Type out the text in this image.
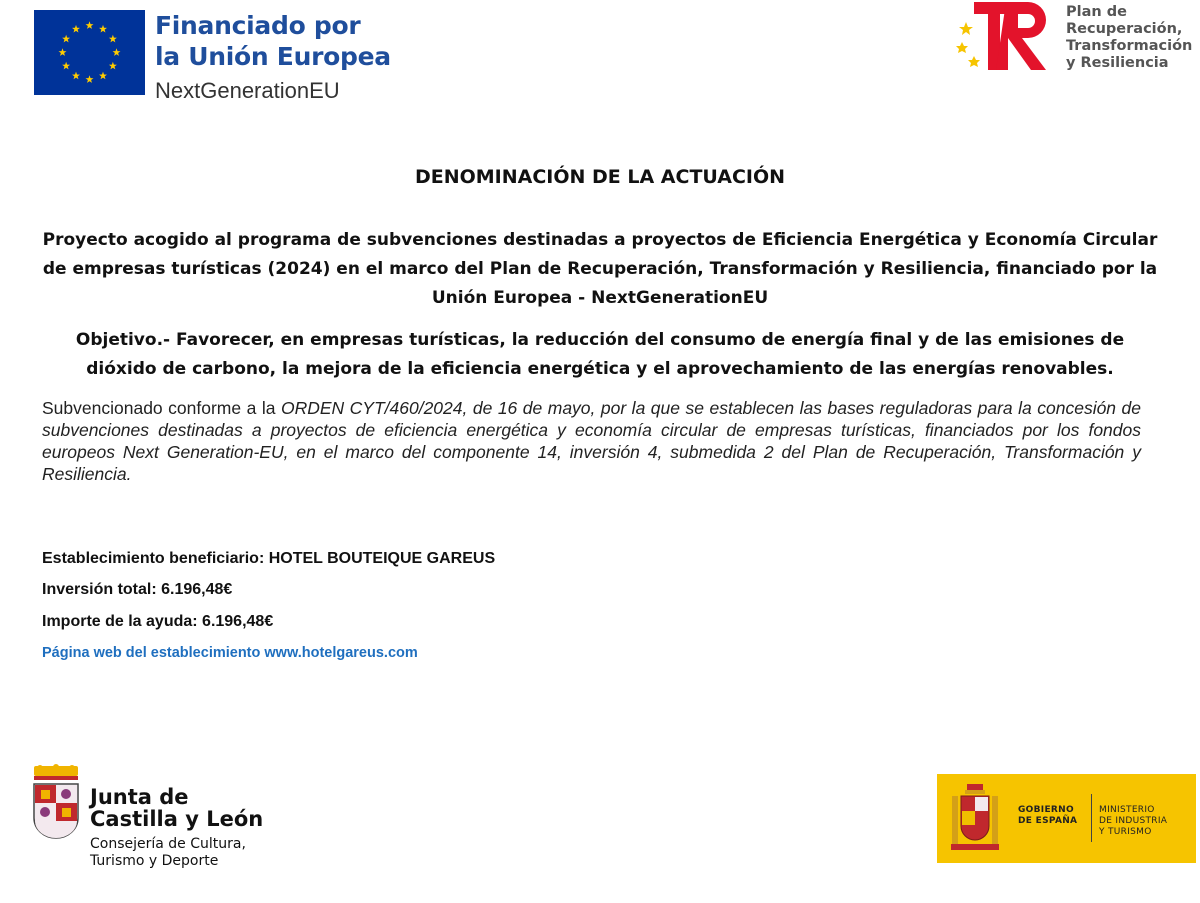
Financiado por
la Unión Europea
NextGenerationEU
Plan de
Recuperación,
Transformación
y Resiliencia
DENOMINACIÓN DE LA ACTUACIÓN
Proyecto acogido al programa de subvenciones destinadas a proyectos de Eficiencia Energética y Economía Circular de empresas turísticas (2024) en el marco del Plan de Recuperación, Transformación y Resiliencia, financiado por la Unión Europea - NextGenerationEU
Objetivo.- Favorecer, en empresas turísticas, la reducción del consumo de energía final y de las emisiones de dióxido de carbono, la mejora de la eficiencia energética y el aprovechamiento de las energías renovables.
Subvencionado conforme a la ORDEN CYT/460/2024, de 16 de mayo, por la que se establecen las bases reguladoras para la concesión de subvenciones destinadas a proyectos de eficiencia energética y economía circular de empresas turísticas, financiados por los fondos europeos Next Generation-EU, en el marco del componente 14, inversión 4, submedida 2 del Plan de Recuperación, Transformación y Resiliencia.
Establecimiento beneficiario: HOTEL BOUTEIQUE GAREUS
Inversión total: 6.196,48€
Importe de la ayuda: 6.196,48€
Página web del establecimiento www.hotelgareus.com
Junta de
Castilla y León
Consejería de Cultura,
Turismo y Deporte
GOBIERNO
DE ESPAÑA
MINISTERIO
DE INDUSTRIA
Y TURISMO
